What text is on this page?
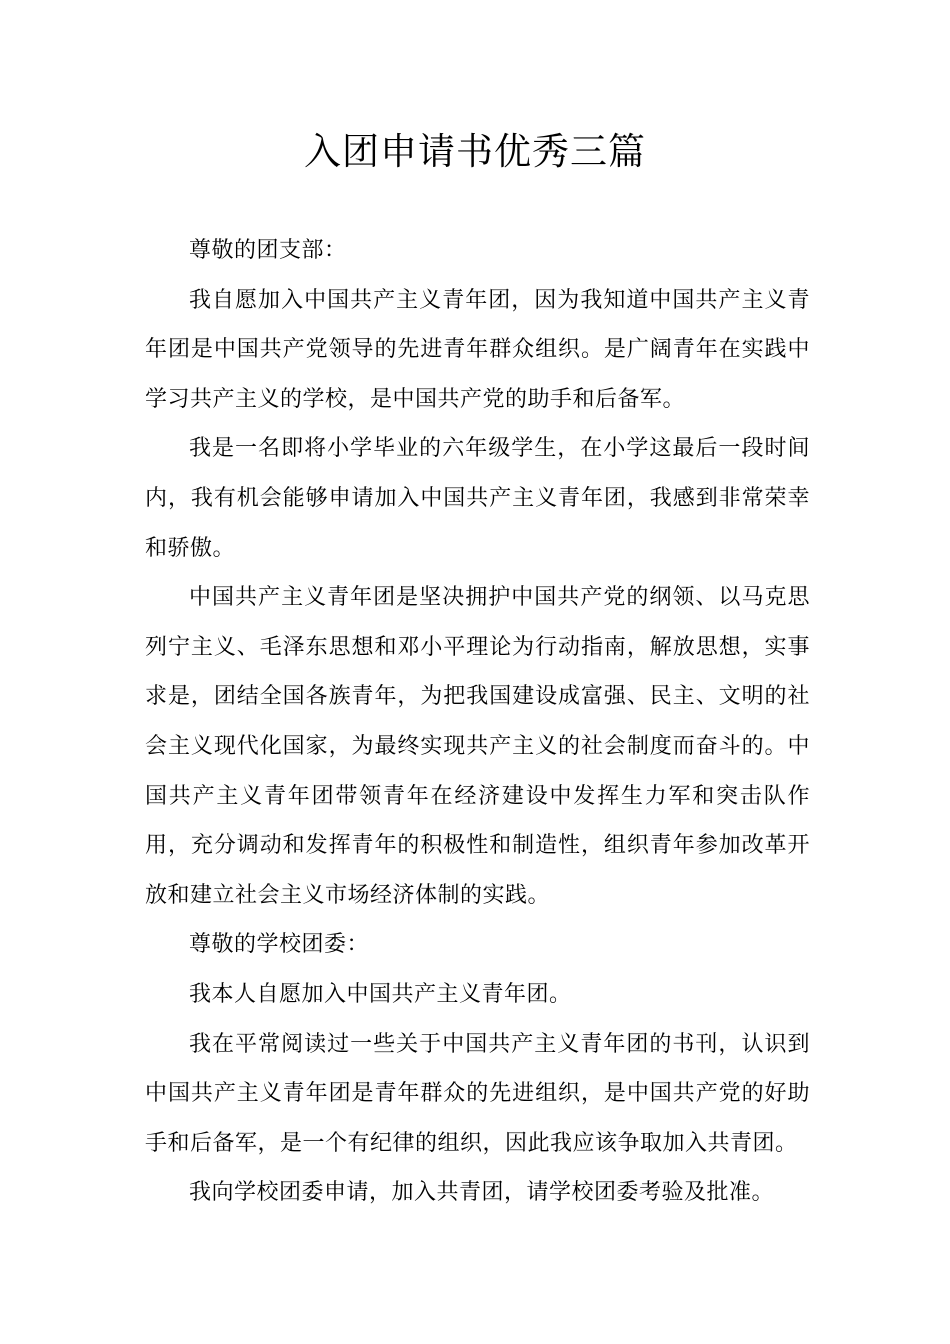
入团申请书优秀三篇

尊敬的团支部：

我自愿加入中国共产主义青年团，因为我知道中国共产主义青年团是中国共产党领导的先进青年群众组织。是广阔青年在实践中学习共产主义的学校，是中国共产党的助手和后备军。

我是一名即将小学毕业的六年级学生，在小学这最后一段时间内，我有机会能够申请加入中国共产主义青年团，我感到非常荣幸和骄傲。

中国共产主义青年团是坚决拥护中国共产党的纲领、以马克思列宁主义、毛泽东思想和邓小平理论为行动指南，解放思想，实事求是，团结全国各族青年，为把我国建设成富强、民主、文明的社会主义现代化国家，为最终实现共产主义的社会制度而奋斗的。中国共产主义青年团带领青年在经济建设中发挥生力军和突击队作用，充分调动和发挥青年的积极性和制造性，组织青年参加改革开放和建立社会主义市场经济体制的实践。

尊敬的学校团委：

我本人自愿加入中国共产主义青年团。

我在平常阅读过一些关于中国共产主义青年团的书刊，认识到中国共产主义青年团是青年群众的先进组织，是中国共产党的好助手和后备军，是一个有纪律的组织，因此我应该争取加入共青团。

我向学校团委申请，加入共青团，请学校团委考验及批准。
